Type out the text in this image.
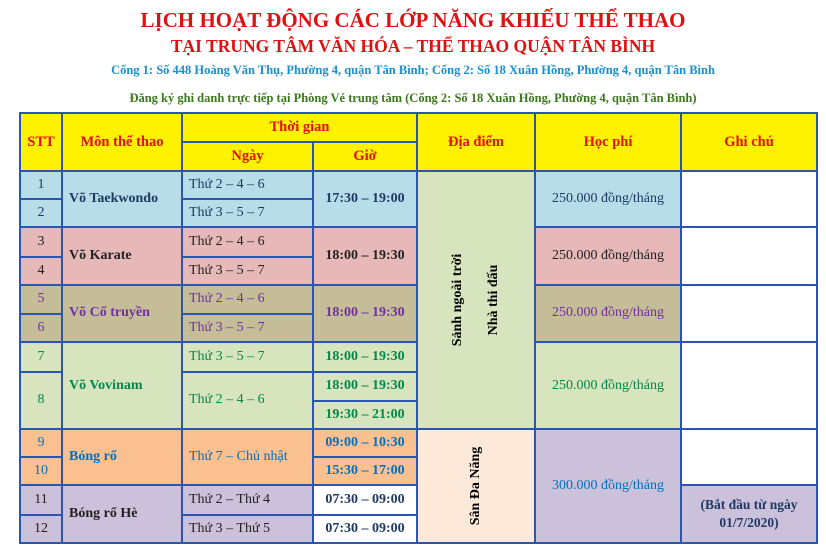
LỊCH HOẠT ĐỘNG CÁC LỚP NĂNG KHIẾU THỂ THAO
TẠI TRUNG TÂM VĂN HÓA – THỂ THAO QUẬN TÂN BÌNH
Cổng 1: Số 448 Hoàng Văn Thụ, Phường 4, quận Tân Bình; Cổng 2: Số 18 Xuân Hồng, Phường 4, quận Tân Bình
Đăng ký ghi danh trực tiếp tại Phòng Vé trung tâm (Cổng 2: Số 18 Xuân Hồng, Phường 4, quận Tân Bình)
STT	Môn thể thao	Thời gian		Địa điểm	Học phí	Ghi chú
		Ngày	Giờ			
1	Võ Taekwondo	Thứ 2 – 4 – 6	17:30 – 19:00	Sảnh ngoài trời Nhà thi đấu	250.000 đồng/tháng	
2		Thứ 3 – 5 – 7				
3	Võ Karate	Thứ 2 – 4 – 6	18:00 – 19:30		250.000 đồng/tháng	
4		Thứ 3 – 5 – 7				
5	Võ Cổ truyền	Thứ 2 – 4 – 6	18:00 – 19:30		250.000 đồng/tháng	
6		Thứ 3 – 5 – 7				
7	Võ Vovinam	Thứ 3 – 5 – 7	18:00 – 19:30		250.000 đồng/tháng	
8		Thứ 2 – 4 – 6	18:00 – 19:30			

			19:30 – 21:00			
9	Bóng rổ	Thứ 7 – Chủ nhật	09:00 – 10:30	Sân Đa Năng	300.000 đồng/tháng	
10			15:30 – 17:00			
11	Bóng rổ Hè	Thứ 2 – Thứ 4	07:30 – 09:00			(Bắt đầu từ ngày 01/7/2020)
12		Thứ 3 – Thứ 5	07:30 – 09:00			
